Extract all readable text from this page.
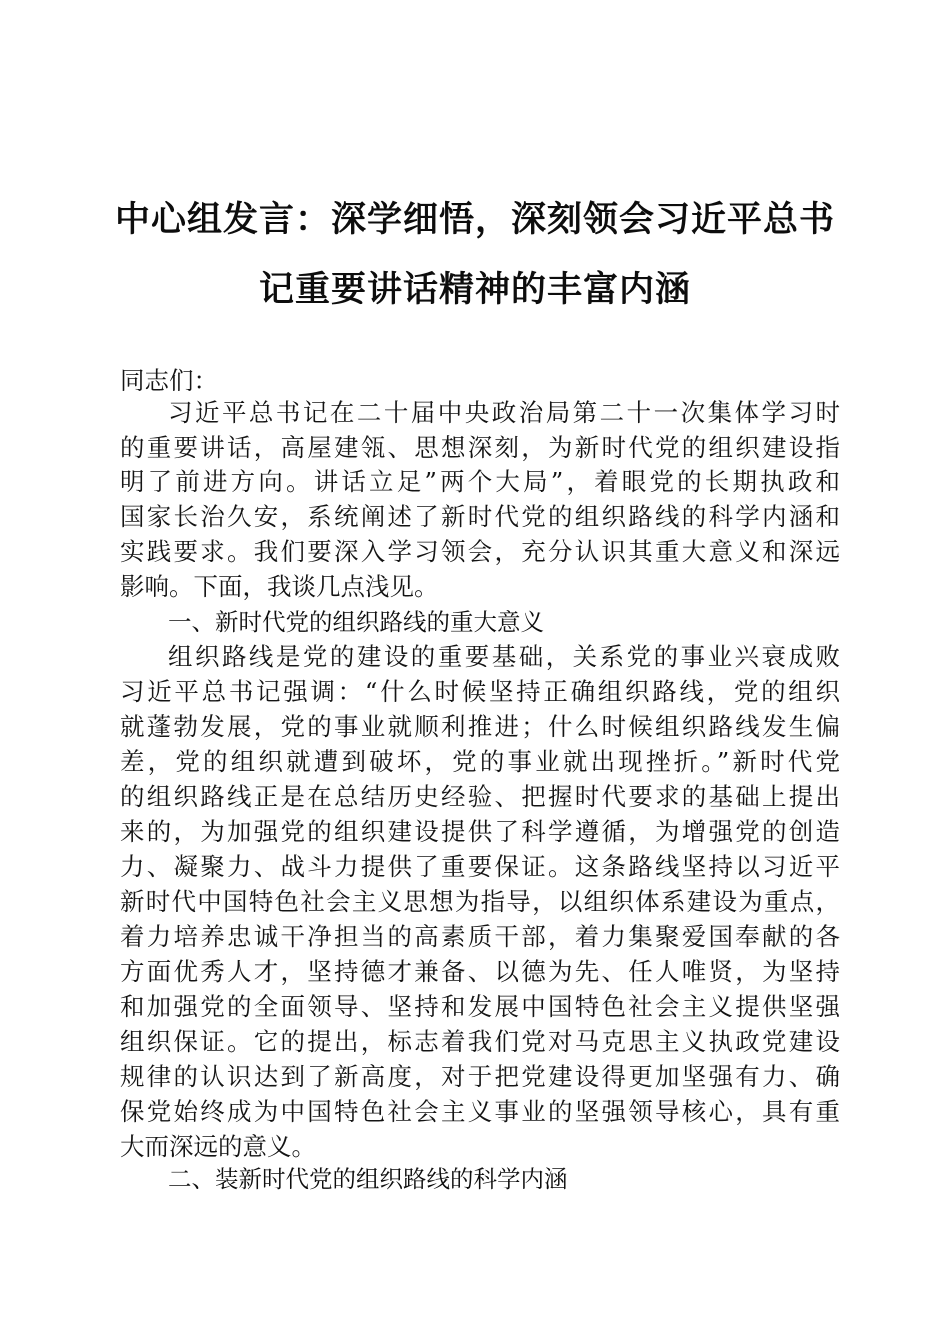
中心组发言：深学细悟，深刻领会习近平总书
记重要讲话精神的丰富内涵
同志们：
习近平总书记在二十届中央政治局第二十一次集体学习时
的重要讲话，高屋建瓴、思想深刻，为新时代党的组织建设指
明了前进方向。讲话立足”两个大局”，着眼党的长期执政和
国家长治久安，系统阐述了新时代党的组织路线的科学内涵和
实践要求。我们要深入学习领会，充分认识其重大意义和深远
影响。下面，我谈几点浅见。
一、新时代党的组织路线的重大意义
组织路线是党的建设的重要基础，关系党的事业兴衰成败
习近平总书记强调：“什么时候坚持正确组织路线，党的组织
就蓬勃发展，党的事业就顺利推进；什么时候组织路线发生偏
差，党的组织就遭到破坏，党的事业就出现挫折。”新时代党
的组织路线正是在总结历史经验、把握时代要求的基础上提出
来的，为加强党的组织建设提供了科学遵循，为增强党的创造
力、凝聚力、战斗力提供了重要保证。这条路线坚持以习近平
新时代中国特色社会主义思想为指导，以组织体系建设为重点，
着力培养忠诚干净担当的高素质干部，着力集聚爱国奉献的各
方面优秀人才，坚持德才兼备、以德为先、任人唯贤，为坚持
和加强党的全面领导、坚持和发展中国特色社会主义提供坚强
组织保证。它的提出，标志着我们党对马克思主义执政党建设
规律的认识达到了新高度，对于把党建设得更加坚强有力、确
保党始终成为中国特色社会主义事业的坚强领导核心，具有重
大而深远的意义。
二、装新时代党的组织路线的科学内涵
